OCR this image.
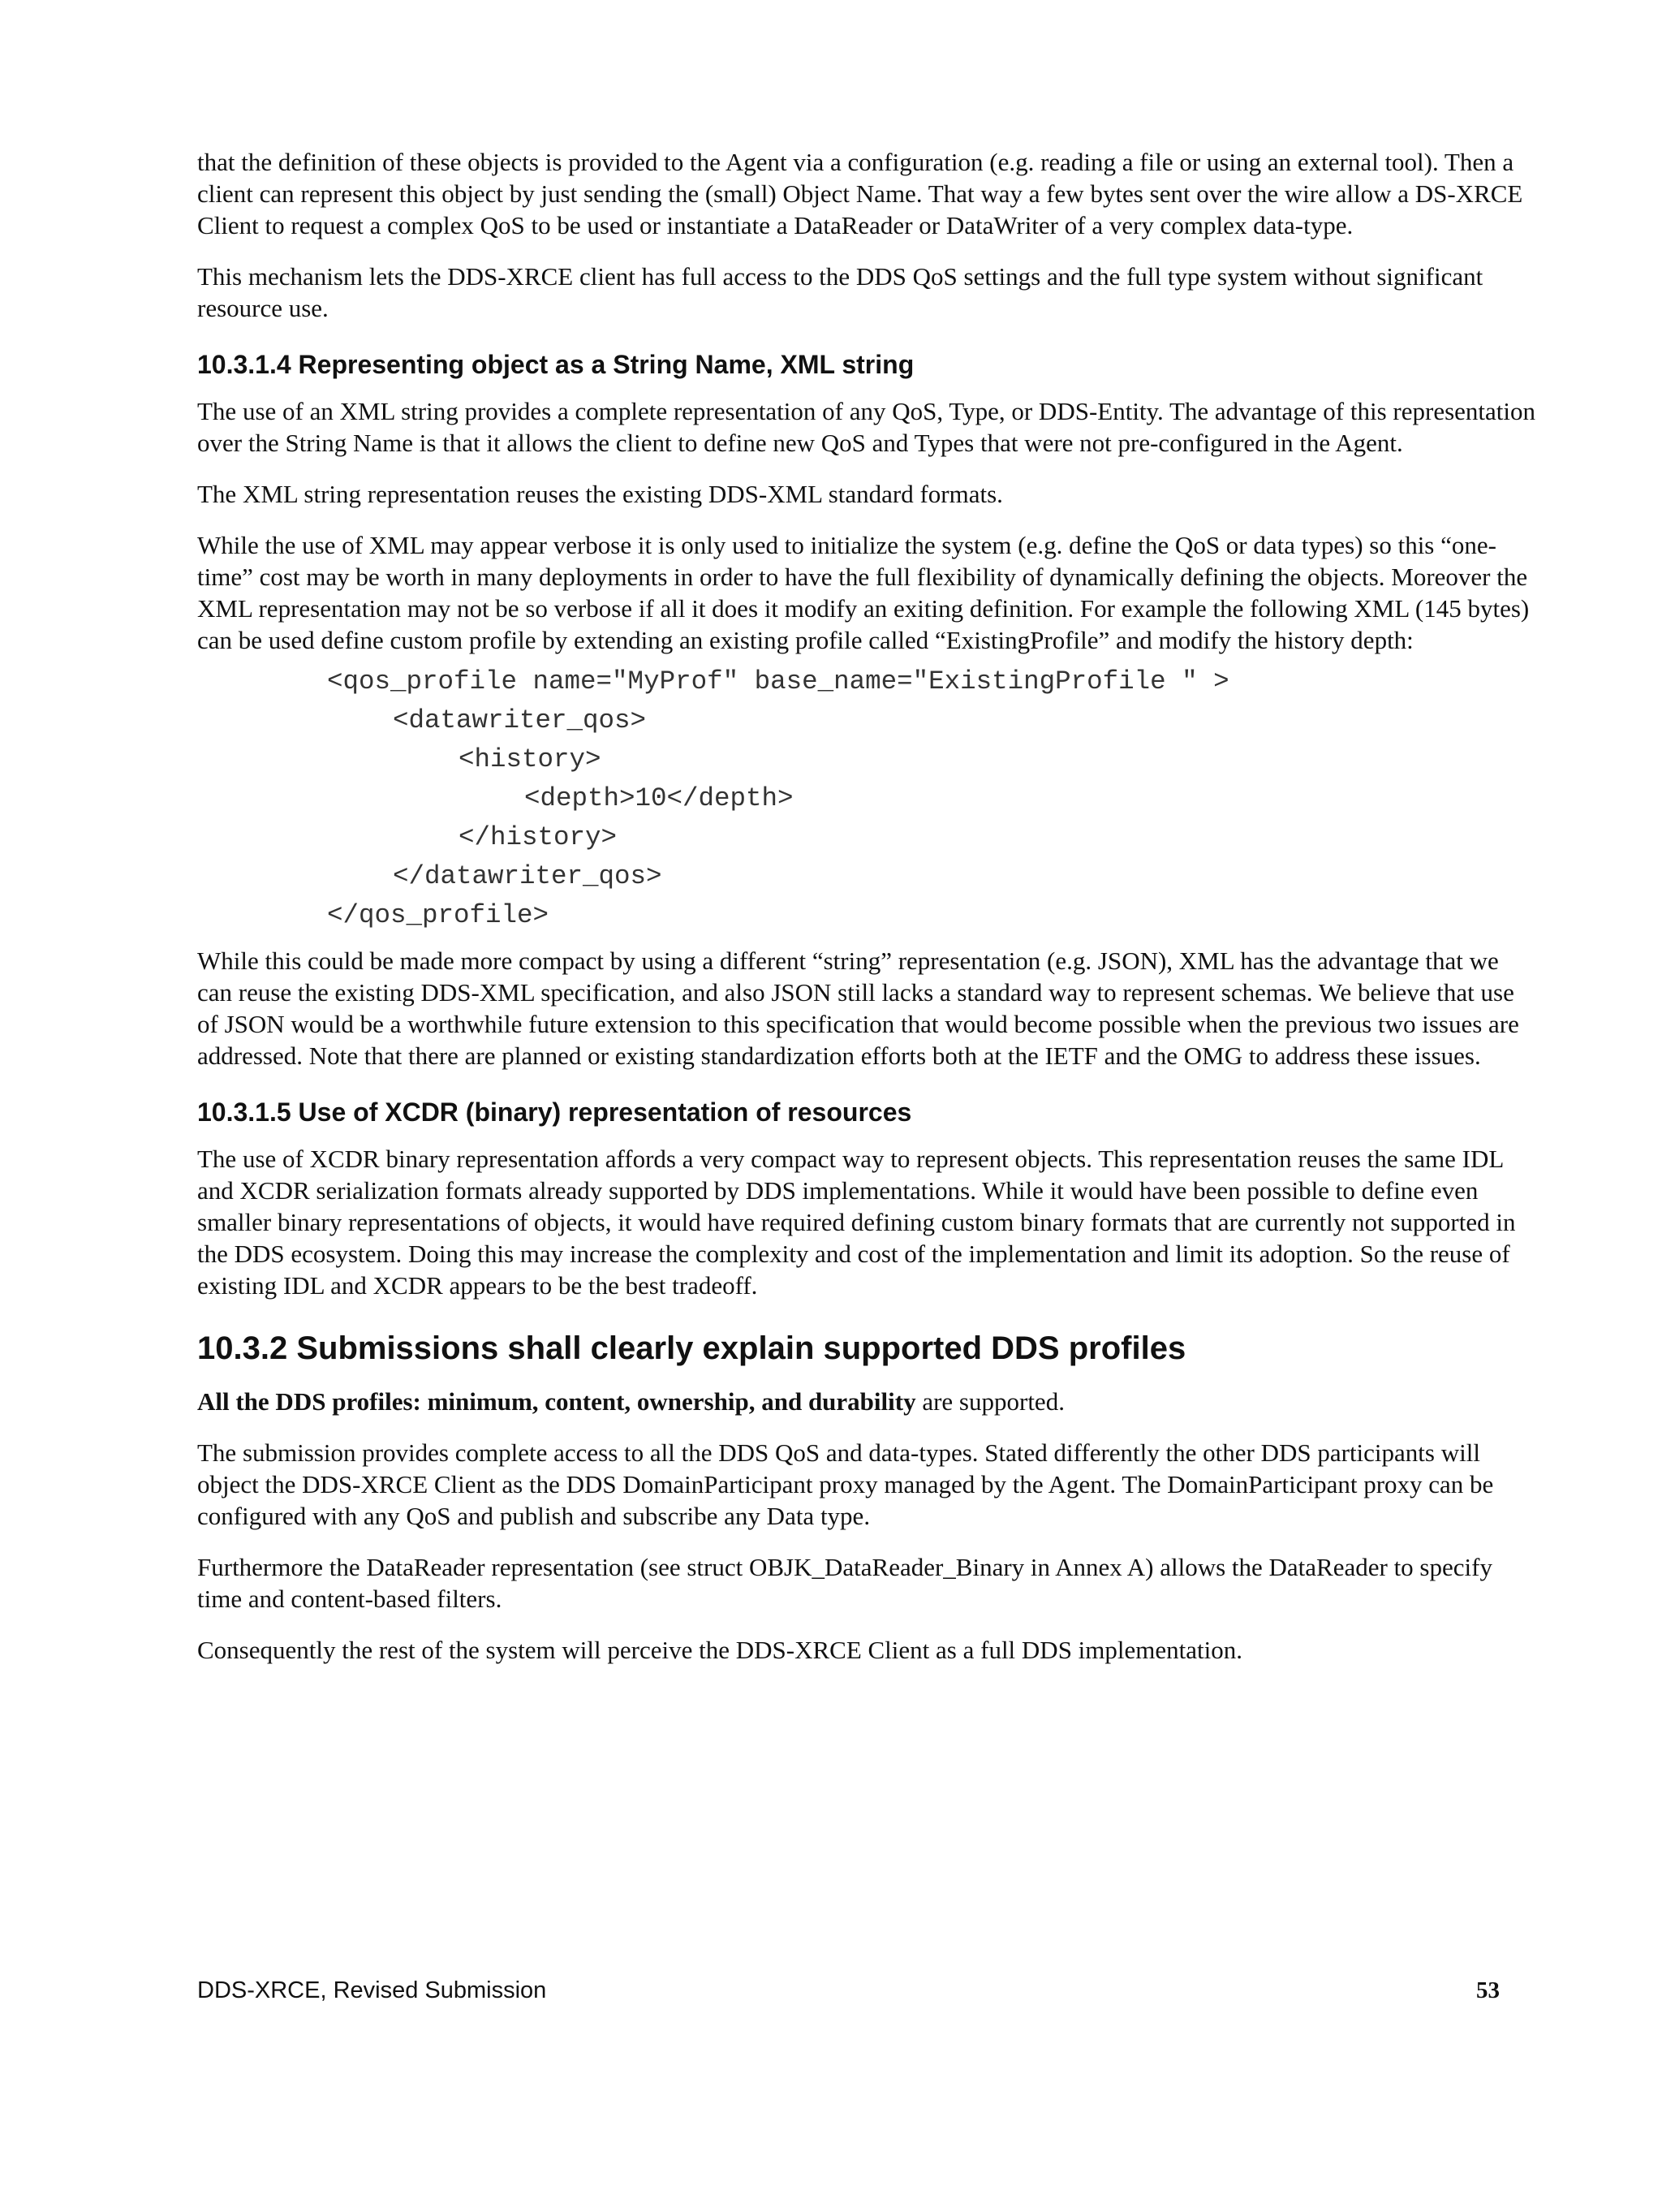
that the definition of these objects is provided to the Agent via a configuration (e.g. reading a file or using an external tool). Then a client can represent this object by just sending the (small) Object Name. That way a few bytes sent over the wire allow a DS-XRCE Client to request a complex QoS to be used or instantiate a DataReader or DataWriter of a very complex data-type.

This mechanism lets the DDS-XRCE client has full access to the DDS QoS settings and the full type system without significant resource use.

10.3.1.4 Representing object as a String Name, XML string

The use of an XML string provides a complete representation of any QoS, Type, or DDS-Entity. The advantage of this representation over the String Name is that it allows the client to define new QoS and Types that were not pre-configured in the Agent.

The XML string representation reuses the existing DDS-XML standard formats.

While the use of XML may appear verbose it is only used to initialize the system (e.g. define the QoS or data types) so this “one-time” cost may be worth in many deployments in order to have the full flexibility of dynamically defining the objects. Moreover the XML representation may not be so verbose if all it does it modify an exiting definition. For example the following XML (145 bytes) can be used define custom profile by extending an existing profile called “ExistingProfile” and modify the history depth:

<qos_profile name="MyProf" base_name="ExistingProfile " >
<datawriter_qos>
<history>
<depth>10</depth>
</history>
</datawriter_qos>
</qos_profile>

While this could be made more compact by using a different “string” representation (e.g. JSON), XML has the advantage that we can reuse the existing DDS-XML specification, and also JSON still lacks a standard way to represent schemas. We believe that use of JSON would be a worthwhile future extension to this specification that would become possible when the previous two issues are addressed. Note that there are planned or existing standardization efforts both at the IETF and the OMG to address these issues.

10.3.1.5 Use of XCDR (binary) representation of resources

The use of XCDR binary representation affords a very compact way to represent objects. This representation reuses the same IDL and XCDR serialization formats already supported by DDS implementations. While it would have been possible to define even smaller binary representations of objects, it would have required defining custom binary formats that are currently not supported in the DDS ecosystem. Doing this may increase the complexity and cost of the implementation and limit its adoption. So the reuse of existing IDL and XCDR appears to be the best tradeoff.

10.3.2 Submissions shall clearly explain supported DDS profiles

All the DDS profiles: minimum, content, ownership, and durability are supported.

The submission provides complete access to all the DDS QoS and data-types. Stated differently the other DDS participants will object the DDS-XRCE Client as the DDS DomainParticipant proxy managed by the Agent. The DomainParticipant proxy can be configured with any QoS and publish and subscribe any Data type.

Furthermore the DataReader representation (see struct OBJK_DataReader_Binary in Annex A) allows the DataReader to specify time and content-based filters.

Consequently the rest of the system will perceive the DDS-XRCE Client as a full DDS implementation.

DDS-XRCE, Revised Submission	53
